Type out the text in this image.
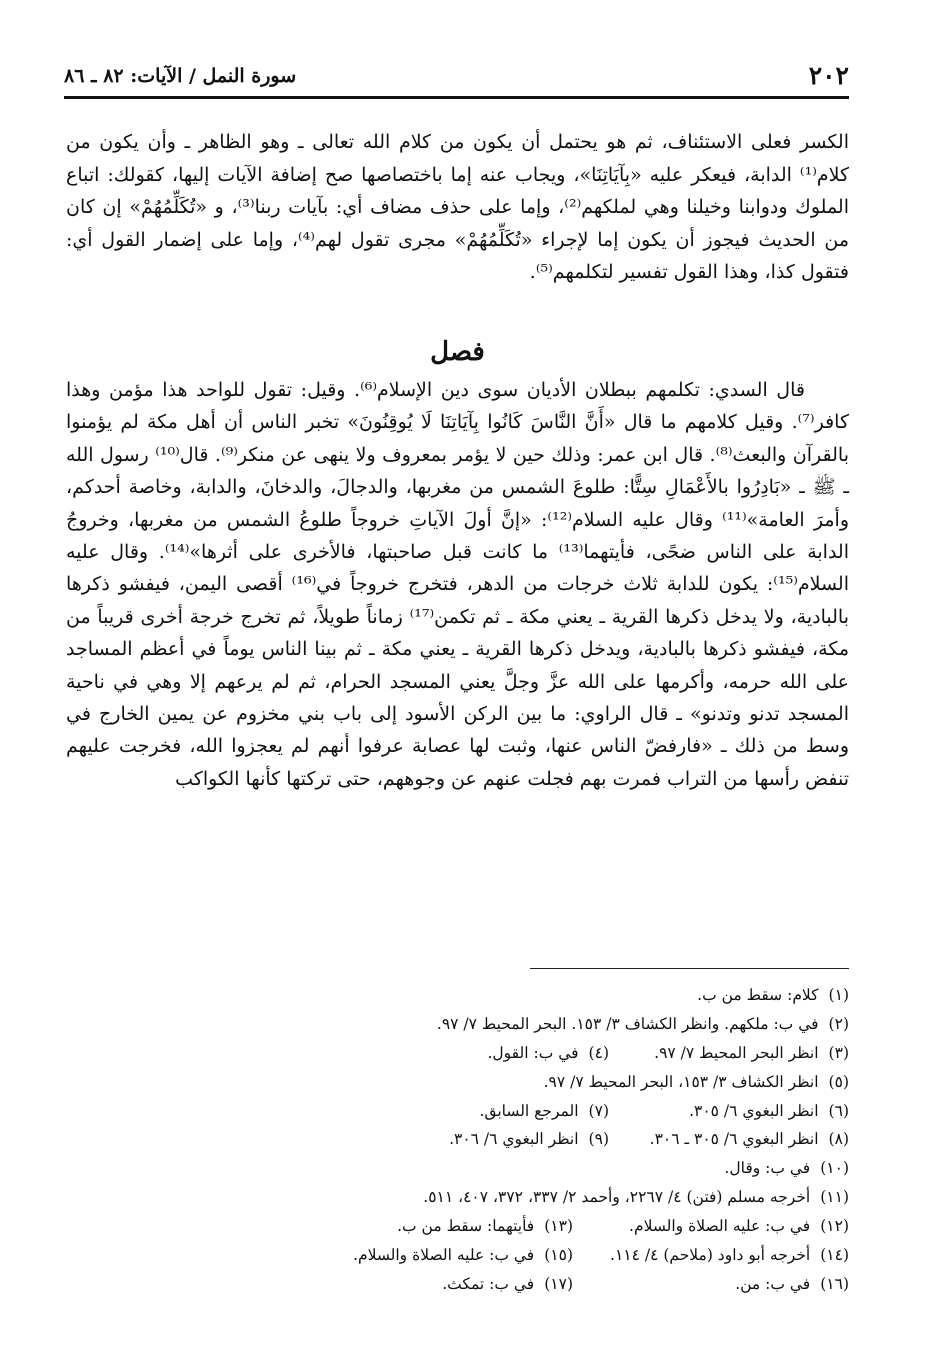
٢٠٢
سورة النمل / الآيات: ٨٢ ـ ٨٦

الكسر فعلى الاستئناف، ثم هو يحتمل أن يكون من كلام الله تعالى ـ وهو الظاهر ـ وأن يكون من كلام⁽¹⁾ الدابة، فيعكر عليه «بِآيَاتِنَا»، ويجاب عنه إما باختصاصها صح إضافة الآيات إليها، كقولك: اتباع الملوك ودوابنا وخيلنا وهي لملكهم⁽²⁾، وإما على حذف مضاف أي: بآيات ربنا⁽³⁾، و «تُكَلِّمُهُمْ» إن كان من الحديث فيجوز أن يكون إما لإجراء «تُكَلِّمُهُمْ» مجرى تقول لهم⁽⁴⁾، وإما على إضمار القول أي: فتقول كذا، وهذا القول تفسير لتكلمهم⁽⁵⁾.

فصل

قال السدي: تكلمهم ببطلان الأديان سوى دين الإسلام⁽⁶⁾. وقيل: تقول للواحد هذا مؤمن وهذا كافر⁽⁷⁾. وقيل كلامهم ما قال «أَنَّ النَّاسَ كَانُوا بِآيَاتِنَا لَا يُوقِنُونَ» تخبر الناس أن أهل مكة لم يؤمنوا بالقرآن والبعث⁽⁸⁾. قال ابن عمر: وذلك حين لا يؤمر بمعروف ولا ينهى عن منكر⁽⁹⁾. قال⁽¹⁰⁾ رسول الله ـ ﷺ ـ «بَادِرُوا بالأَعْمَالِ سِتًّا: طلوعَ الشمس من مغربها، والدجالَ، والدخانَ، والدابة، وخاصة أحدكم، وأمرَ العامة»⁽¹¹⁾ وقال عليه السلام⁽¹²⁾: «إنَّ أولَ الآياتِ خروجاً طلوعُ الشمس من مغربها، وخروجُ الدابة على الناس ضحًى، فأيتهما⁽¹³⁾ ما كانت قبل صاحبتها، فالأخرى على أثرها»⁽¹⁴⁾. وقال عليه السلام⁽¹⁵⁾: يكون للدابة ثلاث خرجات من الدهر، فتخرج خروجاً في⁽¹⁶⁾ أقصى اليمن، فيفشو ذكرها بالبادية، ولا يدخل ذكرها القرية ـ يعني مكة ـ ثم تكمن⁽¹⁷⁾ زماناً طويلاً، ثم تخرج خرجة أخرى قريباً من مكة، فيفشو ذكرها بالبادية، ويدخل ذكرها القرية ـ يعني مكة ـ ثم بينا الناس يوماً في أعظم المساجد على الله حرمه، وأكرمها على الله عزَّ وجلَّ يعني المسجد الحرام، ثم لم يرعهم إلا وهي في ناحية المسجد تدنو وتدنو» ـ قال الراوي: ما بين الركن الأسود إلى باب بني مخزوم عن يمين الخارج في وسط من ذلك ـ «فارفضّ الناس عنها، وثبت لها عصابة عرفوا أنهم لم يعجزوا الله، فخرجت عليهم تنفض رأسها من التراب فمرت بهم فجلت عنهم عن وجوههم، حتى تركتها كأنها الكواكب

(١)كلام: سقط من ب.
(٢)في ب: ملكهم. وانظر الكشاف ٣/ ١٥٣. البحر المحيط ٧/ ٩٧.
(٣)انظر البحر المحيط ٧/ ٩٧.
(٤)في ب: القول.
(٥)انظر الكشاف ٣/ ١٥٣، البحر المحيط ٧/ ٩٧.
(٦)انظر البغوي ٦/ ٣٠٥.
(٧)المرجع السابق.
(٨)انظر البغوي ٦/ ٣٠٥ ـ ٣٠٦.
(٩)انظر البغوي ٦/ ٣٠٦.
(١٠)في ب: وقال.
(١١)أخرجه مسلم (فتن) ٤/ ٢٢٦٧، وأحمد ٢/ ٣٣٧، ٣٧٢، ٤٠٧، ٥١١.
(١٢)في ب: عليه الصلاة والسلام.
(١٣)فأيتهما: سقط من ب.
(١٤)أخرجه أبو داود (ملاحم) ٤/ ١١٤.
(١٥)في ب: عليه الصلاة والسلام.
(١٦)في ب: من.
(١٧)في ب: تمكث.
